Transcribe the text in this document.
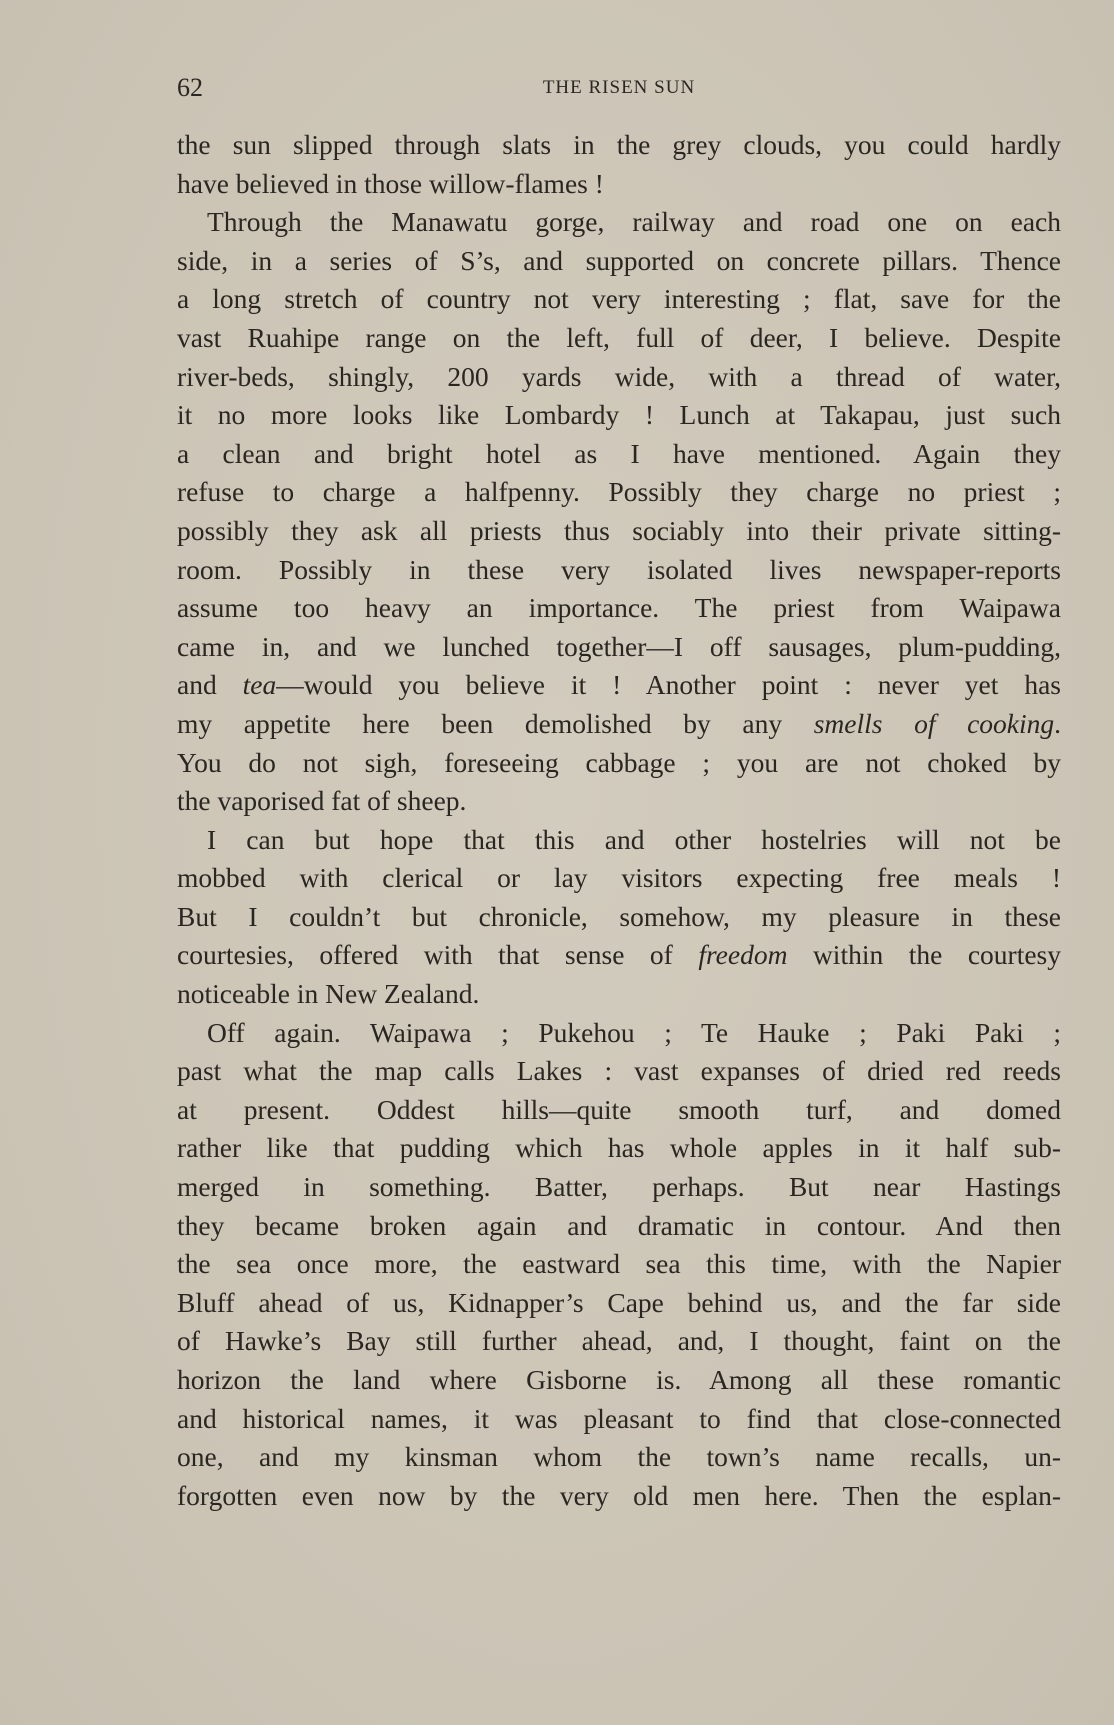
62	THE RISEN SUN
the sun slipped through slats in the grey clouds, you could hardly
have believed in those willow-flames !
Through the Manawatu gorge, railway and road one on each
side, in a series of S’s, and supported on concrete pillars. Thence
a long stretch of country not very interesting ; flat, save for the
vast Ruahipe range on the left, full of deer, I believe. Despite
river-beds, shingly, 200 yards wide, with a thread of water,
it no more looks like Lombardy ! Lunch at Takapau, just such
a clean and bright hotel as I have mentioned. Again they
refuse to charge a halfpenny. Possibly they charge no priest ;
possibly they ask all priests thus sociably into their private sitting-
room. Possibly in these very isolated lives newspaper-reports
assume too heavy an importance. The priest from Waipawa
came in, and we lunched together—I off sausages, plum-pudding,
and tea—would you believe it ! Another point : never yet has
my appetite here been demolished by any smells of cooking.
You do not sigh, foreseeing cabbage ; you are not choked by
the vaporised fat of sheep.
I can but hope that this and other hostelries will not be
mobbed with clerical or lay visitors expecting free meals !
But I couldn’t but chronicle, somehow, my pleasure in these
courtesies, offered with that sense of freedom within the courtesy
noticeable in New Zealand.
Off again. Waipawa ; Pukehou ; Te Hauke ; Paki Paki ;
past what the map calls Lakes : vast expanses of dried red reeds
at present. Oddest hills—quite smooth turf, and domed
rather like that pudding which has whole apples in it half sub-
merged in something. Batter, perhaps. But near Hastings
they became broken again and dramatic in contour. And then
the sea once more, the eastward sea this time, with the Napier
Bluff ahead of us, Kidnapper’s Cape behind us, and the far side
of Hawke’s Bay still further ahead, and, I thought, faint on the
horizon the land where Gisborne is. Among all these romantic
and historical names, it was pleasant to find that close-connected
one, and my kinsman whom the town’s name recalls, un-
forgotten even now by the very old men here. Then the esplan-
